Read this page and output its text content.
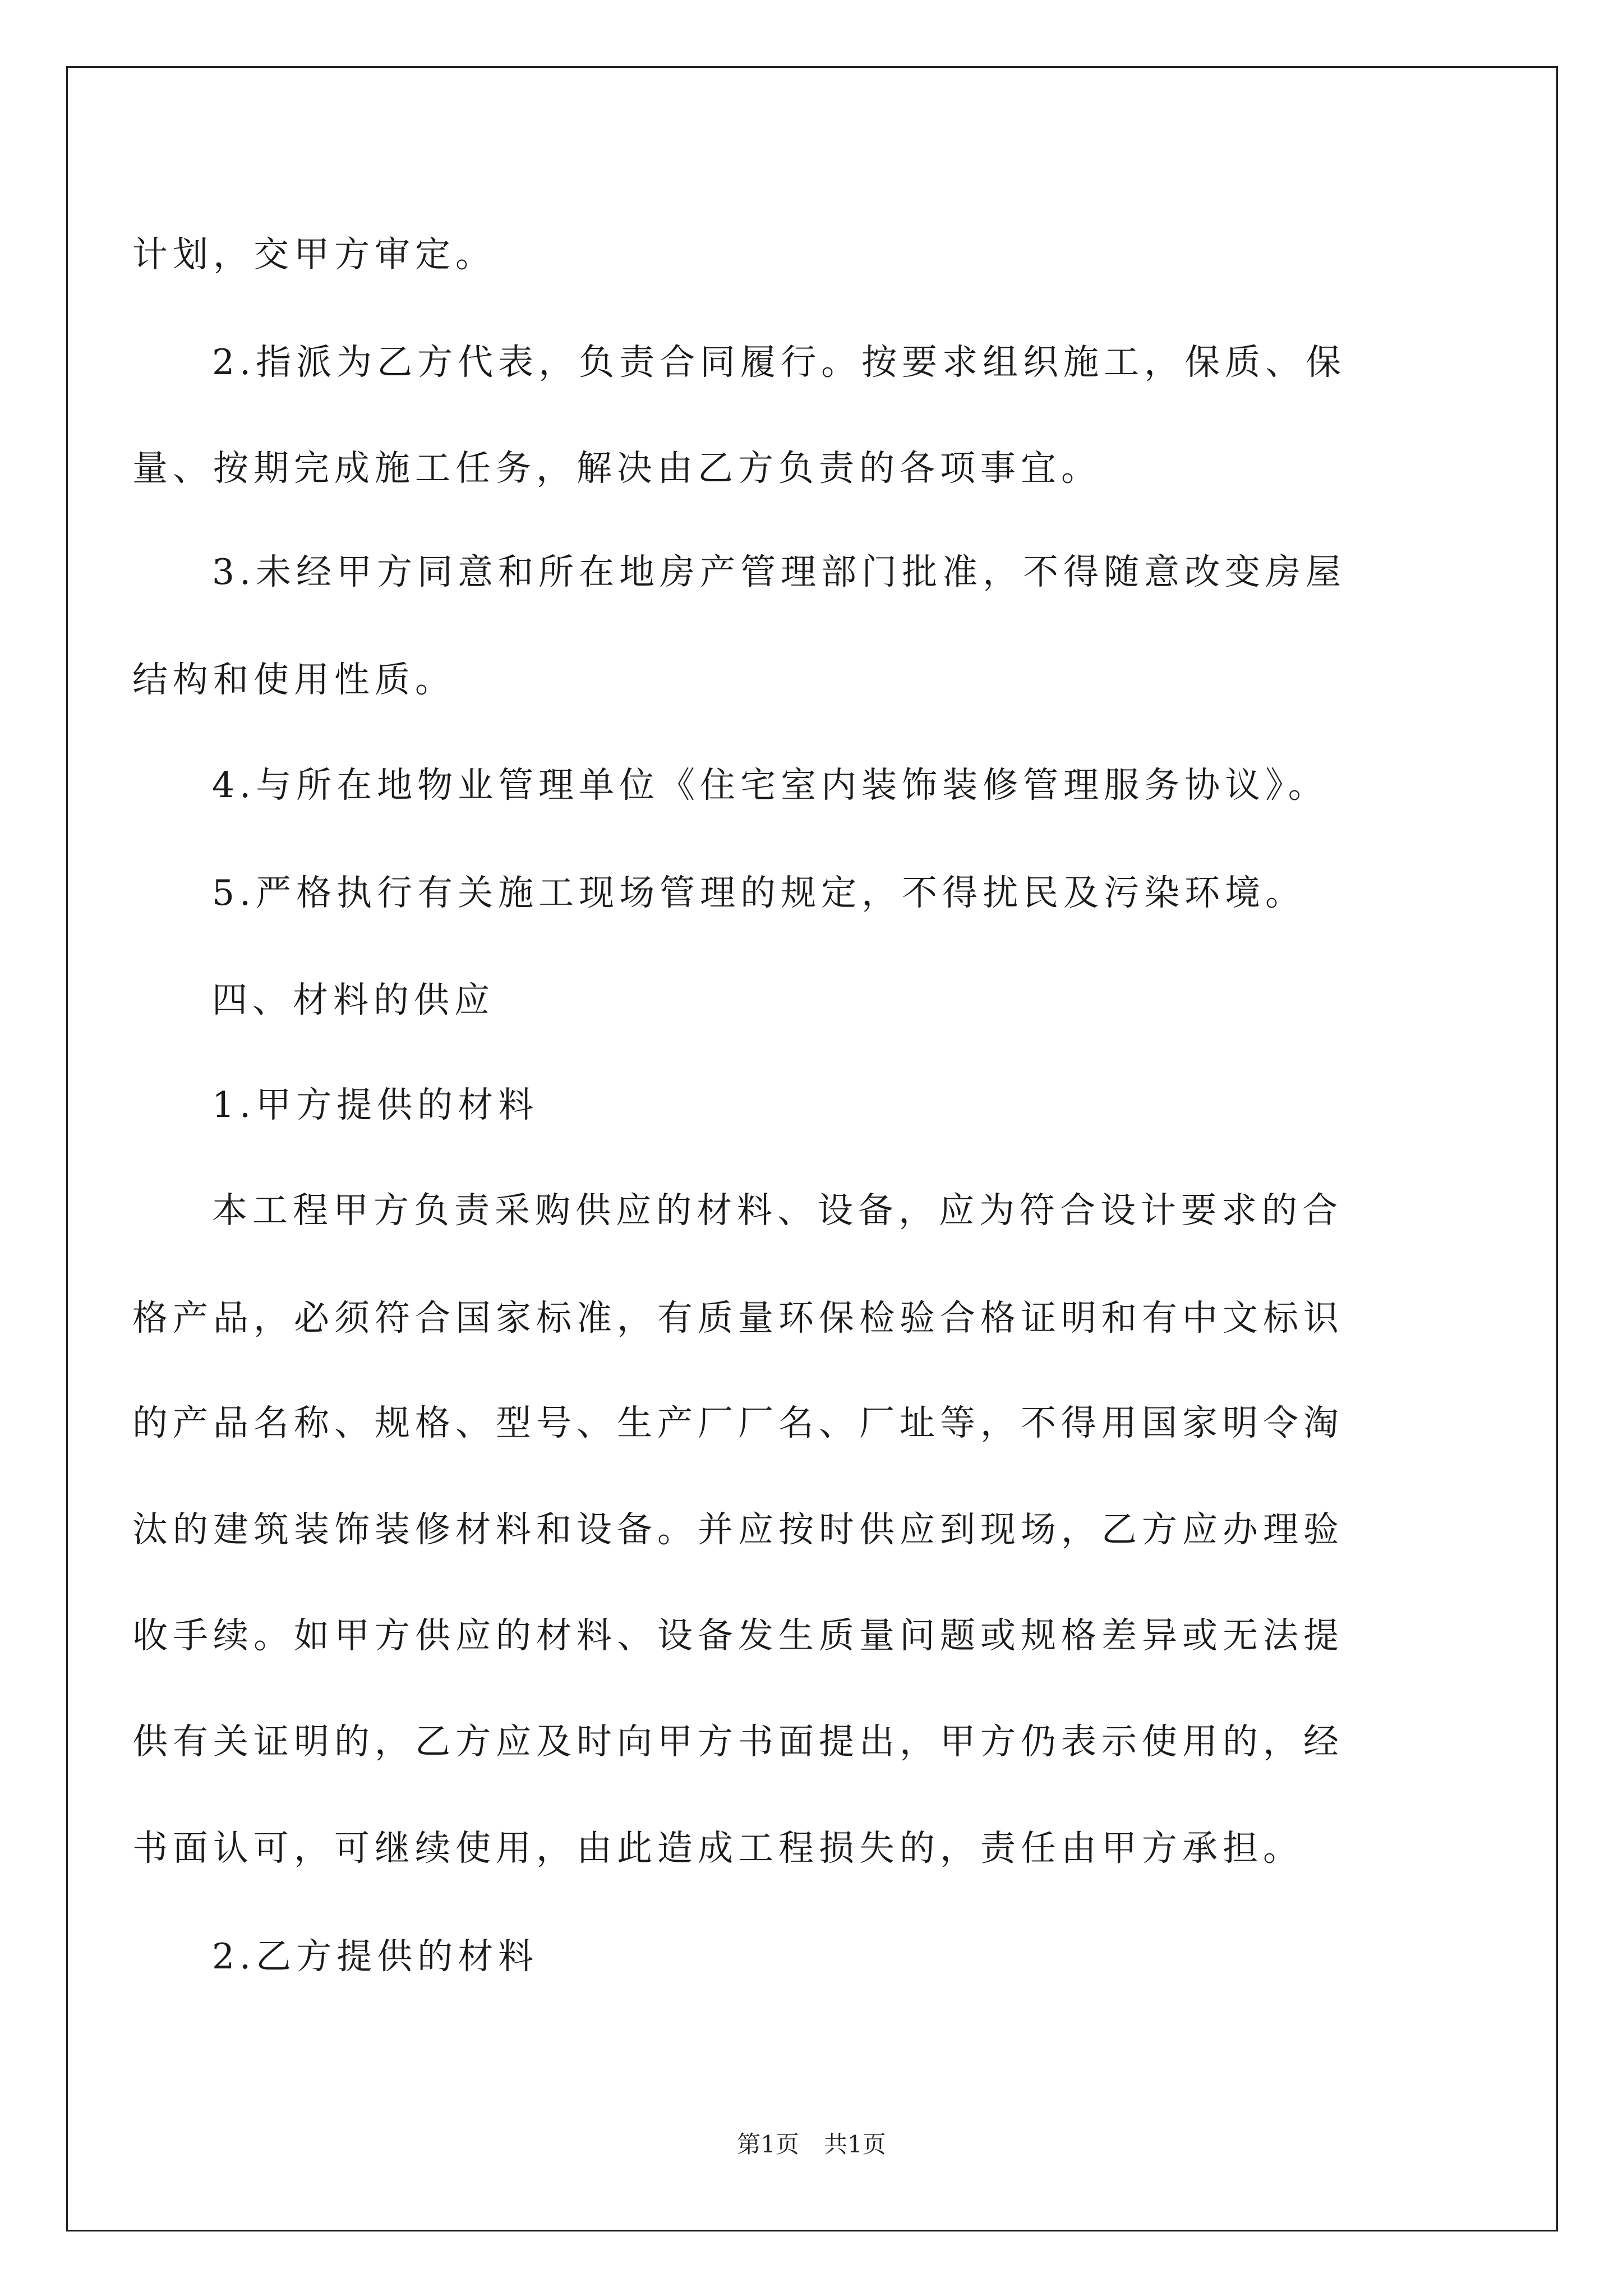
计划，交甲方审定。
2.指派为乙方代表，负责合同履行。按要求组织施工，保质、保
量、按期完成施工任务，解决由乙方负责的各项事宜。
3.未经甲方同意和所在地房产管理部门批准，不得随意改变房屋
结构和使用性质。
4.与所在地物业管理单位《住宅室内装饰装修管理服务协议》。
5.严格执行有关施工现场管理的规定，不得扰民及污染环境。
四、材料的供应
1.甲方提供的材料
本工程甲方负责采购供应的材料、设备，应为符合设计要求的合
格产品，必须符合国家标准，有质量环保检验合格证明和有中文标识
的产品名称、规格、型号、生产厂厂名、厂址等，不得用国家明令淘
汰的建筑装饰装修材料和设备。并应按时供应到现场，乙方应办理验
收手续。如甲方供应的材料、设备发生质量问题或规格差异或无法提
供有关证明的，乙方应及时向甲方书面提出，甲方仍表示使用的，经
书面认可，可继续使用，由此造成工程损失的，责任由甲方承担。
2.乙方提供的材料
第1页 共1页
